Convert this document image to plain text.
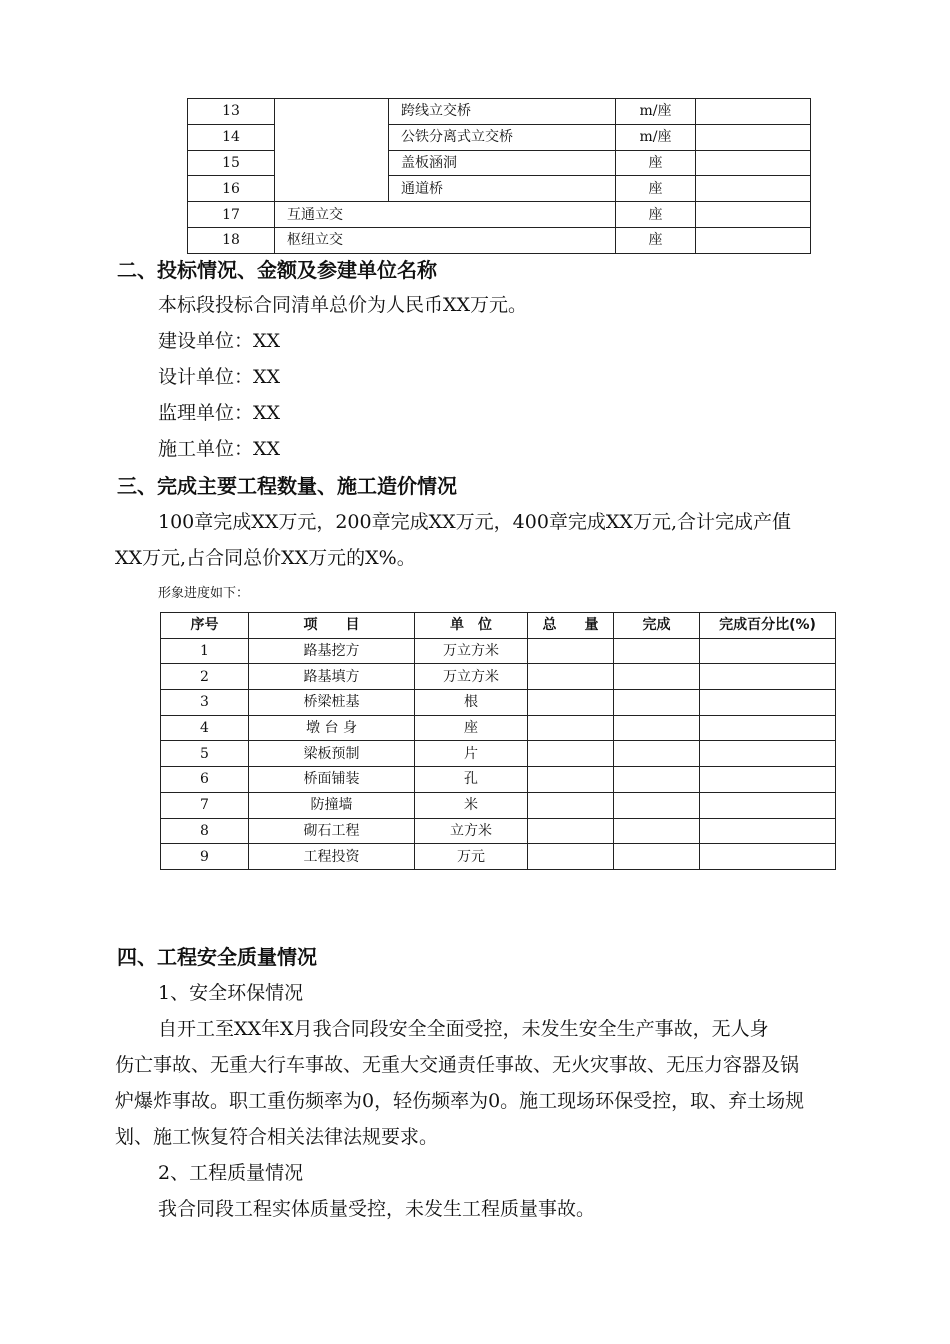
13		跨线立交桥	m/座	
14		公铁分离式立交桥	m/座	
15		盖板涵洞	座	
16		通道桥	座	
17	互通立交		座	
18	枢纽立交		座	
二、投标情况、金额及参建单位名称
本标段投标合同清单总价为人民币XX万元。
建设单位：XX
设计单位：XX
监理单位：XX
施工单位：XX
三、完成主要工程数量、施工造价情况
100章完成XX万元，200章完成XX万元，400章完成XX万元,合计完成产值
XX万元,占合同总价XX万元的X%。
形象进度如下：
序号	项　　目	单　位	总　　量	完成	完成百分比(%)
1	路基挖方	万立方米			
2	路基填方	万立方米			
3	桥梁桩基	根			
4	墩 台 身	座			
5	梁板预制	片			
6	桥面铺装	孔			
7	防撞墙	米			
8	砌石工程	立方米			
9	工程投资	万元			
四、工程安全质量情况
1、安全环保情况
自开工至XX年X月我合同段安全全面受控，未发生安全生产事故，无人身
伤亡事故、无重大行车事故、无重大交通责任事故、无火灾事故、无压力容器及锅
炉爆炸事故。职工重伤频率为0，轻伤频率为0。施工现场环保受控，取、弃土场规
划、施工恢复符合相关法律法规要求。
2、工程质量情况
我合同段工程实体质量受控，未发生工程质量事故。
